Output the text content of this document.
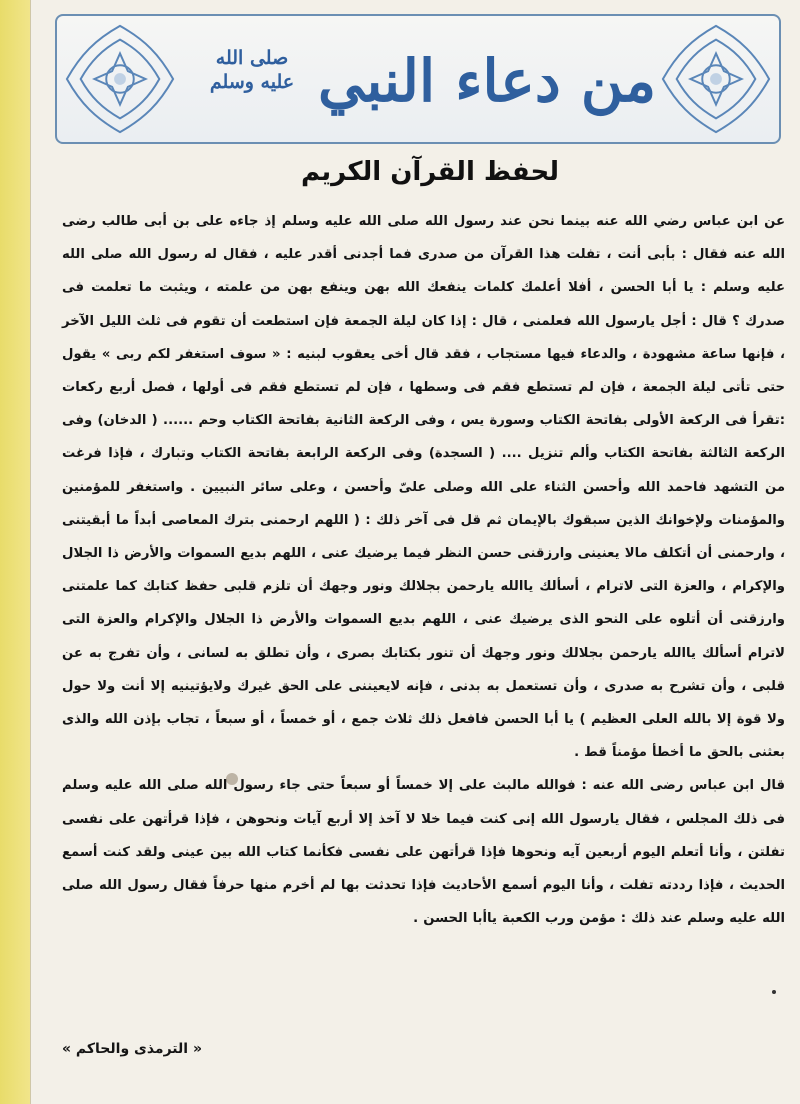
من دعاء النبي
صلى الله عليه وسلم
لحفظ القرآن الكريم

عن ابن عباس رضي الله عنه بينما نحن عند رسول الله صلى الله عليه وسلم إذ جاءه على بن أبى طالب رضى الله عنه فقال : بأبى أنت ، تفلت هذا القرآن من صدرى فما أجدنى أقدر عليه ، فقال له رسول الله صلى الله عليه وسلم : يا أبا الحسن ، أفلا أعلمك كلمات ينفعك الله بهن وينفع بهن من علمته ، ويثبت ما تعلمت فى صدرك ؟ قال : أجل يارسول الله فعلمنى ، قال : إذا كان ليلة الجمعة فإن استطعت أن تقوم فى ثلث الليل الآخر ، فإنها ساعة مشهودة ، والدعاء فيها مستجاب ، فقد قال أخى يعقوب لبنيه : « سوف استغفر لكم ربى » يقول حتى تأتى ليلة الجمعة ، فإن لم تستطع فقم فى وسطها ، فإن لم تستطع فقم فى أولها ، فصل أربع ركعات :تقرأ فى الركعة الأولى بفاتحة الكتاب وسورة يس ، وفى الركعة الثانية بفاتحة الكتاب وحم ...... ( الدخان) وفى الركعة الثالثة بفاتحة الكتاب وألم تنزيل .... ( السجدة) وفى الركعة الرابعة بفاتحة الكتاب وتبارك ، فإذا فرغت من التشهد فاحمد الله وأحسن الثناء على الله وصلى علىّ وأحسن ، وعلى سائر النبيين . واستغفر للمؤمنين والمؤمنات ولإخوانك الذين سبقوك بالإيمان ثم قل فى آخر ذلك : ( اللهم ارحمنى بترك المعاصى أبداً ما أبقيتنى ، وارحمنى أن أتكلف مالا يعنينى وارزقنى حسن النظر فيما يرضيك عنى ، اللهم بديع السموات والأرض ذا الجلال والإكرام ، والعزة التى لاترام ، أسألك ياالله يارحمن بجلالك ونور وجهك أن تلزم قلبى حفظ كتابك كما علمتنى وارزقنى أن أتلوه على النحو الذى يرضيك عنى ، اللهم بديع السموات والأرض ذا الجلال والإكرام والعزة التى لاترام أسألك ياالله يارحمن بجلالك ونور وجهك أن تنور بكتابك بصرى ، وأن تطلق به لسانى ، وأن تفرج به عن قلبى ، وأن تشرح به صدرى ، وأن تستعمل به بدنى ، فإنه لايعيننى على الحق غيرك ولايؤتينيه إلا أنت ولا حول ولا قوة إلا بالله العلى العظيم ) يا أبا الحسن فافعل ذلك ثلاث جمع ، أو خمساً ، أو سبعاً ، تجاب بإذن الله والذى بعثنى بالحق ما أخطأ مؤمناً قط .

قال ابن عباس رضى الله عنه : فوالله مالبث على إلا خمساً أو سبعاً حتى جاء رسول الله صلى الله عليه وسلم فى ذلك المجلس ، فقال يارسول الله إنى كنت فيما خلا لا آخذ إلا أربع آيات ونحوهن ، فإذا قرأتهن على نفسى تفلتن ، وأنا أتعلم اليوم أربعين آيه ونحوها فإذا قرأتهن على نفسى فكأنما كتاب الله بين عينى ولقد كنت أسمع الحديث ، فإذا رددته تفلت ، وأنا اليوم أسمع الأحاديث فإذا تحدثت بها لم أخرم منها حرفاً فقال رسول الله صلى الله عليه وسلم عند ذلك : مؤمن ورب الكعبة ياأبا الحسن .

« الترمذى والحاكم »
